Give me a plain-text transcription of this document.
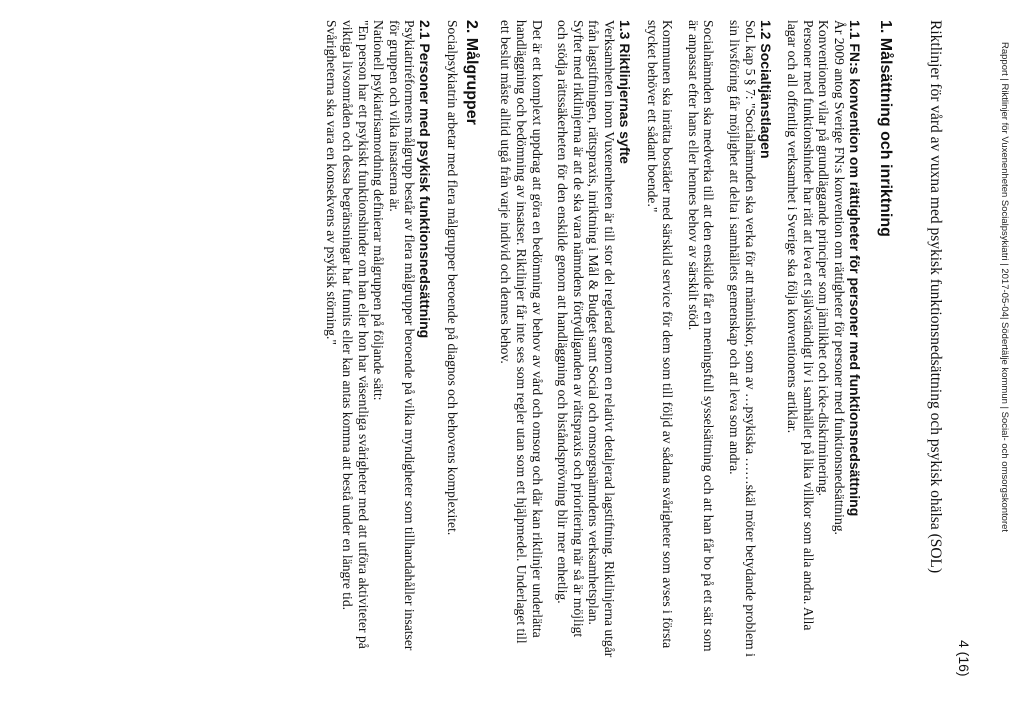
Rapport | Riktlinjer för Vuxenenheten Socialpsykiatri | 2017-05-04| Södertälje kommun | Social- och omsorgskontoret
4 (16)
Riktlinjer för vård av vuxna med psykisk funktionsnedsättning och psykisk ohälsa (SOL)
1. Målsättning och inriktning
1.1 FN:s konvention om rättigheter för personer med funktionsnedsättning

År 2009 antog Sverige FN:s konvention om rättigheter för personer med funktionsnedsättning.

Konventionen vilar på grundläggande principer som jämlikhet och icke-diskriminering.

Personer med funktionshinder har rätt att leva ett självständigt liv i samhället på lika villkor som alla andra. Alla lagar och all offentlig verksamhet i Sverige ska följa konventionens artiklar.

1.2 Socialtjänstlagen

SoL kap 5 § 7: "Socialnämnden ska verka för att människor, som av …psykiska ……skäl möter betydande problem i sin livsföring får möjlighet att delta i samhällets gemenskap och att leva som andra.

Socialnämnden ska medverka till att den enskilde får en meningsfull sysselsättning och att han får bo på ett sätt som är anpassat efter hans eller hennes behov av särskilt stöd.

Kommunen ska inrätta bostäder med särskild service för dem som till följd av sådana svårigheter som avses i första stycket behöver ett sådant boende."

1.3 Riktlinjernas syfte

Verksamheten inom Vuxenenheten är till stor del reglerad genom en relativt detaljerad lagstiftning. Riktlinjerna utgår från lagstiftningen, rättspraxis, inriktning i Mål & Budget samt Social och omsorgsnämndens verksamhetsplan. Syftet med riktlinjerna är att de ska vara nämndens förtydliganden av rättspraxis och prioritering när så är möjligt och stödja rättssäkerheten för den enskilde genom att handläggning och biståndsprövning blir mer enhetlig.

Det är ett komplext uppdrag att göra en bedömning av behov av vård och omsorg och där kan riktlinjer underlätta handläggning och bedömning av insatser. Riktlinjer får inte ses som regler utan som ett hjälpmedel. Underlaget till ett beslut måste alltid utgå från varje individ och dennes behov.

2. Målgrupper

Socialpsykiatrin arbetar med flera målgrupper beroende på diagnos och behovens komplexitet.

2.1 Personer med psykisk funktionsnedsättning

Psykiatriréformens målgrupp består av flera målgrupper beroende på vilka myndigheter som tillhandahåller insatser för gruppen och vilka insatserna är.

Nationell psykiatrisamordning definierar målgruppen på följande sätt:

"En person har ett psykiskt funktionshinder om han eller hon har väsentliga svårigheter med att utföra aktiviteter på viktiga livsområden och dessa begränsningar har funnits eller kan antas komma att bestå under en längre tid. Svårigheterna ska vara en konsekvens av psykisk störning."
